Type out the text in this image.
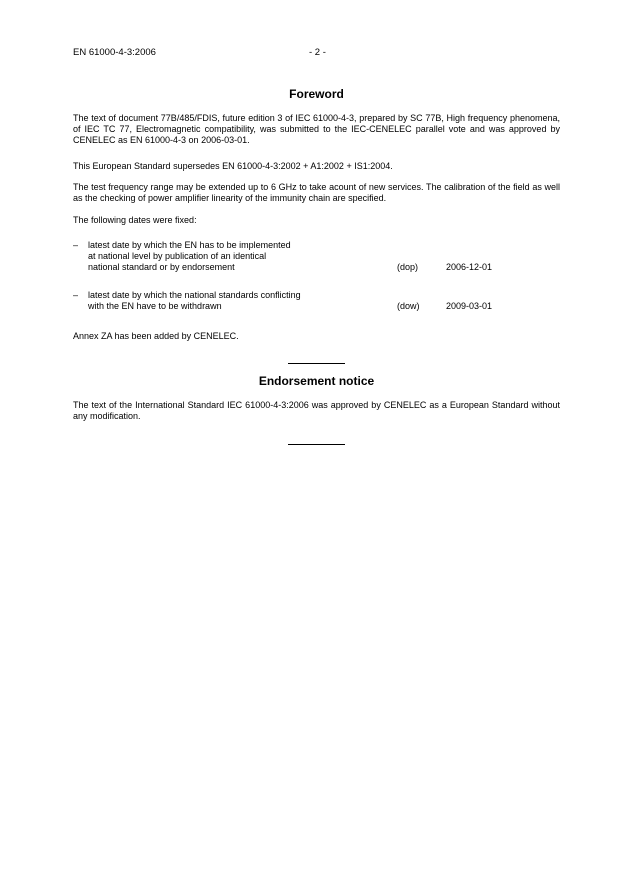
EN 61000-4-3:2006	- 2 -
Foreword
The text of document 77B/485/FDIS, future edition 3 of IEC 61000-4-3, prepared by SC 77B, High frequency phenomena, of IEC TC 77, Electromagnetic compatibility, was submitted to the IEC-CENELEC parallel vote and was approved by CENELEC as EN 61000-4-3 on 2006-03-01.
This European Standard supersedes EN 61000-4-3:2002 + A1:2002 + IS1:2004.
The test frequency range may be extended up to 6 GHz to take acount of new services. The calibration of the field as well as the checking of power amplifier linearity of the immunity chain are specified.
The following dates were fixed:
– latest date by which the EN has to be implemented
at national level by publication of an identical
national standard or by endorsement	(dop)	2006-12-01
– latest date by which the national standards conflicting
with the EN have to be withdrawn	(dow)	2009-03-01
Annex ZA has been added by CENELEC.
Endorsement notice
The text of the International Standard IEC 61000-4-3:2006 was approved by CENELEC as a European Standard without any modification.
